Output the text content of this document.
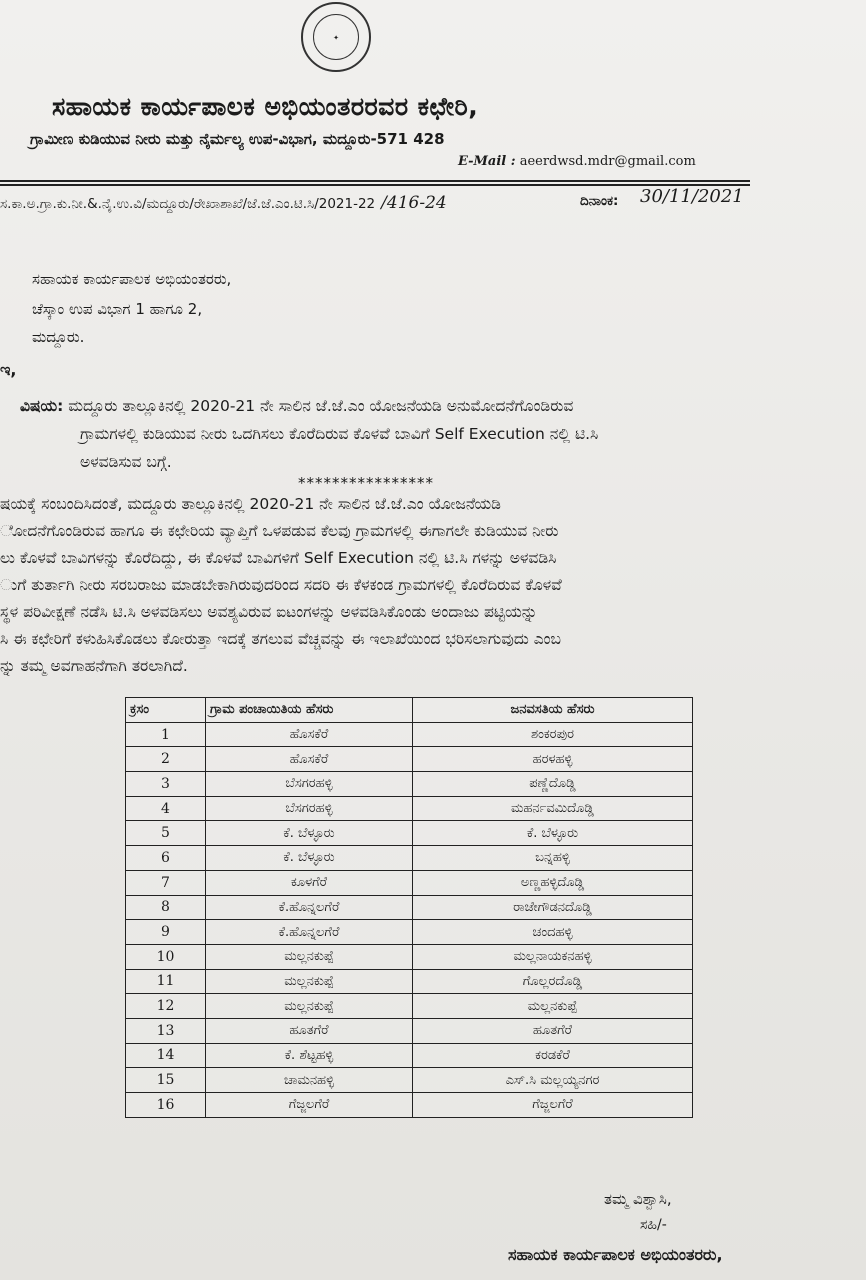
✦
ಸಹಾಯಕ ಕಾರ್ಯಪಾಲಕ ಅಭಿಯಂತರರವರ ಕಛೇರಿ,
ಗ್ರಾಮೀಣ ಕುಡಿಯುವ ನೀರು ಮತ್ತು ನೈರ್ಮಲ್ಯ ಉಪ-ವಿಭಾಗ, ಮದ್ದೂರು-571 428
E-Mail : aeerdwsd.mdr@gmail.com
ಸ.ಕಾ.ಅ.ಗ್ರಾ.ಕು.ನೀ.&.ನೈ.ಉ.ವಿ/ಮದ್ದೂರು/ರೇಖಾಶಾಖೆ/ಜೆ.ಜೆ.ಎಂ.ಟಿ.ಸಿ/2021-22 /416-24	ದಿನಾಂಕ: 30/11/2021
ಸಹಾಯಕ ಕಾರ್ಯಪಾಲಕ ಅಭಿಯಂತರರು,
ಚೆಸ್ಕಾಂ ಉಪ ವಿಭಾಗ 1 ಹಾಗೂ 2,
ಮದ್ದೂರು.
ಇ,
ವಿಷಯ: ಮದ್ದೂರು ತಾಲ್ಲೂಕಿನಲ್ಲಿ 2020-21 ನೇ ಸಾಲಿನ ಜೆ.ಜೆ.ಎಂ ಯೋಜನೆಯಡಿ ಅನುಮೋದನೆಗೊಂಡಿರುವ
ಗ್ರಾಮಗಳಲ್ಲಿ ಕುಡಿಯುವ ನೀರು ಒದಗಿಸಲು ಕೊರೆದಿರುವ ಕೊಳವೆ ಬಾವಿಗೆ Self Execution ನಲ್ಲಿ ಟಿ.ಸಿ
ಅಳವಡಿಸುವ ಬಗ್ಗೆ.
****************
ಷಯಕ್ಕೆ ಸಂಬಂದಿಸಿದಂತೆ, ಮದ್ದೂರು ತಾಲ್ಲೂಕಿನಲ್ಲಿ 2020-21 ನೇ ಸಾಲಿನ ಜೆ.ಜೆ.ಎಂ ಯೋಜನೆಯಡಿ
ೋದನೆಗೊಂಡಿರುವ ಹಾಗೂ ಈ ಕಛೇರಿಯ ವ್ಯಾಪ್ತಿಗೆ ಒಳಪಡುವ ಕೆಲವು ಗ್ರಾಮಗಳಲ್ಲಿ ಈಗಾಗಲೇ ಕುಡಿಯುವ ನೀರು
ಲು ಕೊಳವೆ ಬಾವಿಗಳನ್ನು ಕೊರೆದಿದ್ದು, ಈ ಕೊಳವೆ ಬಾವಿಗಳಿಗೆ Self Execution ನಲ್ಲಿ ಟಿ.ಸಿ ಗಳನ್ನು ಅಳವಡಿಸಿ
ುಗೆ ತುರ್ತಾಗಿ ನೀರು ಸರಬರಾಜು ಮಾಡಬೇಕಾಗಿರುವುದರಿಂದ ಸದರಿ ಈ ಕೆಳಕಂಡ ಗ್ರಾಮಗಳಲ್ಲಿ ಕೊರೆದಿರುವ ಕೊಳವೆ
ಸ್ಥಳ ಪರಿವೀಕ್ಷಣೆ ನಡೆಸಿ ಟಿ.ಸಿ ಅಳವಡಿಸಲು ಅವಶ್ಯವಿರುವ ಐಟಂಗಳನ್ನು ಅಳವಡಿಸಿಕೊಂಡು ಅಂದಾಜು ಪಟ್ಟಿಯನ್ನು
ಸಿ ಈ ಕಛೇರಿಗೆ ಕಳುಹಿಸಿಕೊಡಲು ಕೋರುತ್ತಾ ಇದಕ್ಕೆ ತಗಲುವ ವೆಚ್ಚವನ್ನು ಈ ಇಲಾಖೆಯಿಂದ ಭರಿಸಲಾಗುವುದು ಎಂಬ
ನ್ನು ತಮ್ಮ ಅವಗಾಹನೆಗಾಗಿ ತರಲಾಗಿದೆ.
ಕ್ರಸಂ	ಗ್ರಾಮ ಪಂಚಾಯಿತಿಯ ಹೆಸರು	ಜನವಸತಿಯ ಹೆಸರು
1	ಹೊಸಕೆರೆ	ಶಂಕರಪುರ
2	ಹೊಸಕೆರೆ	ಹರಳಹಳ್ಳಿ
3	ಬೆಸಗರಹಳ್ಳಿ	ಪಣ್ಣೆದೊಡ್ಡಿ
4	ಬೆಸಗರಹಳ್ಳಿ	ಮಹರ್ನವಮಿದೊಡ್ಡಿ
5	ಕೆ. ಬೆಳ್ಳೂರು	ಕೆ. ಬೆಳ್ಳೂರು
6	ಕೆ. ಬೆಳ್ಳೂರು	ಬನ್ನಹಳ್ಳಿ
7	ಕೂಳಗೆರೆ	ಅಣ್ಣಹಳ್ಳಿದೊಡ್ಡಿ
8	ಕೆ.ಹೊನ್ನಲಗೆರೆ	ರಾಜೇಗೌಡನದೊಡ್ಡಿ
9	ಕೆ.ಹೊನ್ನಲಗೆರೆ	ಚಂದಹಳ್ಳಿ
10	ಮಲ್ಲನಕುಪ್ಪೆ	ಮಲ್ಲನಾಯಕನಹಳ್ಳಿ
11	ಮಲ್ಲನಕುಪ್ಪೆ	ಗೊಲ್ಲರದೊಡ್ಡಿ
12	ಮಲ್ಲನಕುಪ್ಪೆ	ಮಲ್ಲನಕುಪ್ಪೆ
13	ಹೂತಗೆರೆ	ಹೂತಗೆರೆ
14	ಕೆ. ಶೆಟ್ಟಹಳ್ಳಿ	ಕರಡಕೆರೆ
15	ಚಾಮನಹಳ್ಳಿ	ಎಸ್.ಸಿ ಮಲ್ಲಯ್ಯನಗರ
16	ಗೆಜ್ಜಲಗೆರೆ	ಗೆಜ್ಜಲಗೆರೆ
ತಮ್ಮ ವಿಶ್ವಾಸಿ,
ಸಹಿ/-
ಸಹಾಯಕ ಕಾರ್ಯಪಾಲಕ ಅಭಿಯಂತರರು,
